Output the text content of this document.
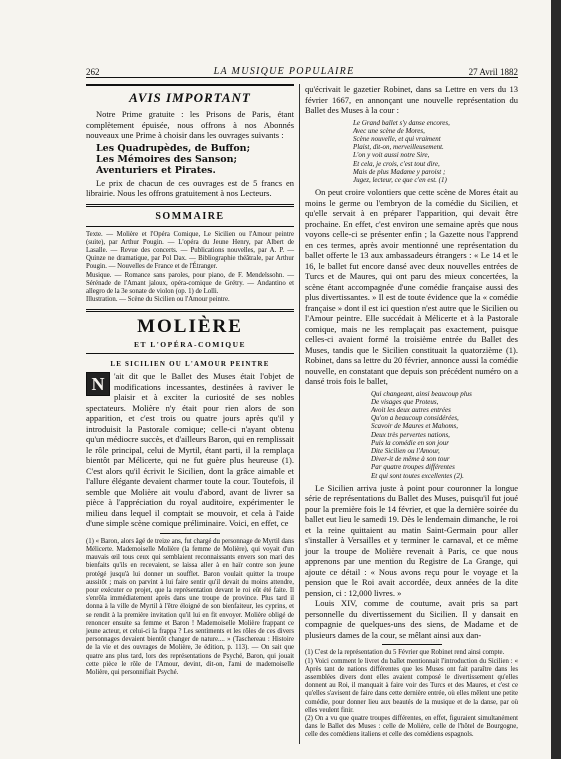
262	LA MUSIQUE POPULAIRE	27 Avril 1882
AVIS IMPORTANT

Notre Prime gratuite : les Prisons de Paris, étant complètement épuisée, nous offrons à nos Abonnés nouveaux une Prime à choisir dans les ouvrages suivants :

Les Quadrupèdes, de Buffon;

Les Mémoires des Sanson;

Aventuriers et Pirates.

Le prix de chacun de ces ouvrages est de 5 francs en librairie. Nous les offrons gratuitement à nos Lecteurs.

SOMMAIRE

Texte. — Molière et l'Opéra Comique, Le Sicilien ou l'Amour peintre (suite), par Arthur Pougin. — L'opéra du Jeune Henry, par Albert de Lasalle. — Revue des concerts. — Publications nouvelles, par A. P. — Quinze ne dramatique, par Pol Dax. — Bibliographie théâtrale, par Arthur Pougin. — Nouvelles de France et de l'Étranger.

Musique. — Romance sans paroles, pour piano, de F. Mendelssohn. — Sérénade de l'Amant jaloux, opéra-comique de Grétry. — Andantino et allegro de la 3e sonate de violon (op. 1) de Lolli.

Illustration. — Scène du Sicilien ou l'Amour peintre.

MOLIÈRE
ET L'OPÉRA-COMIQUE
LE SICILIEN OU L'AMOUR PEINTRE

N	'ait dit que le Ballet des Muses était l'objet de modifications incessantes, destinées à raviver le plaisir et à exciter la curiosité de ses nobles spectateurs. Molière n'y était pour rien alors de son apparition, et c'est trois ou quatre jours après qu'il y introduisit la Pastorale comique; celle-ci n'ayant obtenu qu'un médiocre succès, et d'ailleurs Baron, qui en remplissait le rôle principal, celui de Myrtil, étant parti, il la remplaça bientôt par Mélicerte, qui ne fut guère plus heureuse (1). C'est alors qu'il écrivit le Sicilien, dont la grâce aimable et l'allure élégante devaient charmer toute la cour. Toutefois, il semble que Molière ait voulu d'abord, avant de livrer sa pièce à l'appréciation du royal auditoire, expérimenter le milieu dans lequel il comptait se mouvoir, et cela à l'aide d'une simple scène comique préliminaire. Voici, en effet, ce

(1) « Baron, alors âgé de treize ans, fut chargé du personnage de Myrtil dans Mélicerte. Mademoiselle Molière (la femme de Molière), qui voyait d'un mauvais œil tous ceux qui semblaient reconnaissants envers son mari des bienfaits qu'ils en recevaient, se laissa aller à en haïr contre son jeune protégé jusqu'à lui donner un soufflet. Baron voulait quitter la troupe aussitôt ; mais on parvint à lui faire sentir qu'il devait du moins attendre, pour exécuter ce projet, que la représentation devant le roi eût été faite. Il s'enrôla immédiatement après dans une troupe de province. Plus tard il donna à la ville de Myrtil à l'être éloigné de son bienfaiteur, les cyprins, et se rendit à la première invitation qu'il lui en fit envoyer. Molière obligé de renoncer ensuite sa femme et Baron ! Mademoiselle Molière frappant ce jeune acteur, et celui-ci la frappa ? Les sentiments et les rôles de ces divers personnages devaient bientôt changer de nature.... » (Taschereau : Histoire de la vie et des ouvrages de Molière, 3e édition, p. 113). — On sait que quatre ans plus tard, lors des représentations de Psyché, Baron, qui jouait cette pièce le rôle de l'Amour, devint, dit-on, l'ami de mademoiselle Molière, qui personnifiait Psyché.

qu'écrivait le gazetier Robinet, dans sa Lettre en vers du 13 février 1667, en annonçant une nouvelle représentation du Ballet des Muses à la cour :

Le Grand ballet s'y danse encores,

Avec une scène de Mores,

Scène nouvelle, et qui vraiment

Plaist, dit-on, merveilleusement.

L'on y voit aussi notre Sire,

Et cela, je crois, c'est tout dire,

Mais de plus Madame y paroist ;

Jugez, lecteur, ce que c'en est. (1)

On peut croire volontiers que cette scène de Mores était au moins le germe ou l'embryon de la comédie du Sicilien, et qu'elle servait à en préparer l'apparition, qui devait être prochaine. En effet, c'est environ une semaine après que nous voyons celle-ci se présenter enfin ; la Gazette nous l'apprend en ces termes, après avoir mentionné une représentation du ballet offerte le 13 aux ambassadeurs étrangers : « Le 14 et le 16, le ballet fut encore dansé avec deux nouvelles entrées de Turcs et de Maures, qui ont paru des mieux concertées, la scène étant accompagnée d'une comédie française aussi des plus divertissantes. » Il est de toute évidence que la « comédie française » dont il est ici question n'est autre que le Sicilien ou l'Amour peintre. Elle succédait à Mélicerte et à la Pastorale comique, mais ne les remplaçait pas exactement, puisque celles-ci avaient formé la troisième entrée du Ballet des Muses, tandis que le Sicilien constituait la quatorzième (1). Robinet, dans sa lettre du 20 février, annonce aussi la comédie nouvelle, en constatant que depuis son précédent numéro on a dansé trois fois le ballet,

Qui changeant, ainsi beaucoup plus

De visages que Proteus,

Avoit les deux autres entrées

Qu'on a beaucoup considérées,

Scavoir de Maures et Mahoms,

Deux très pervertes nations,

Puis la comédie en son jour

Dite Sicilien ou l'Amour,

Diver-it de même à son tour

Par quatre troupes différentes

Et qui sont toutes excellentes (2).

Le Sicilien arriva juste à point pour couronner la longue série de représentations du Ballet des Muses, puisqu'il fut joué pour la première fois le 14 février, et que la dernière soirée du ballet eut lieu le samedi 19. Dès le lendemain dimanche, le roi et la reine quittaient au matin Saint-Germain pour aller s'installer à Versailles et y terminer le carnaval, et ce même jour la troupe de Molière revenait à Paris, ce que nous apprenons par une mention du Registre de La Grange, qui ajoute ce détail : « Nous avons reçu pour le voyage et la pension que le Roi avait accordée, deux années de la dite pension, ci : 12,000 livres. »

Louis XIV, comme de coutume, avait pris sa part personnelle du divertissement du Sicilien. Il y dansait en compagnie de quelques-uns des siens, de Madame et de plusieurs dames de la cour, se mêlant ainsi aux dan-

(1) C'est de la représentation du 5 Février que Robinet rend ainsi compte.

(1) Voici comment le livret du ballet mentionnait l'introduction du Sicilien : « Après tant de nations différentes que les Muses ont fait paraître dans les assemblées divers dont elles avaient composé le divertissement qu'elles donnent au Roi, il manquait à faire voir des Turcs et des Maures, et c'est ce qu'elles s'avisent de faire dans cette dernière entrée, où elles mêlent une petite comédie, pour donner lieu aux beautés de la musique et de la danse, par où elles veulent finir.

(2) On a vu que quatre troupes différentes, en effet, figuraient simultanément dans le Ballet des Muses : celle de Molière, celle de l'hôtel de Bourgogne, celle des comédiens italiens et celle des comédiens espagnols.
